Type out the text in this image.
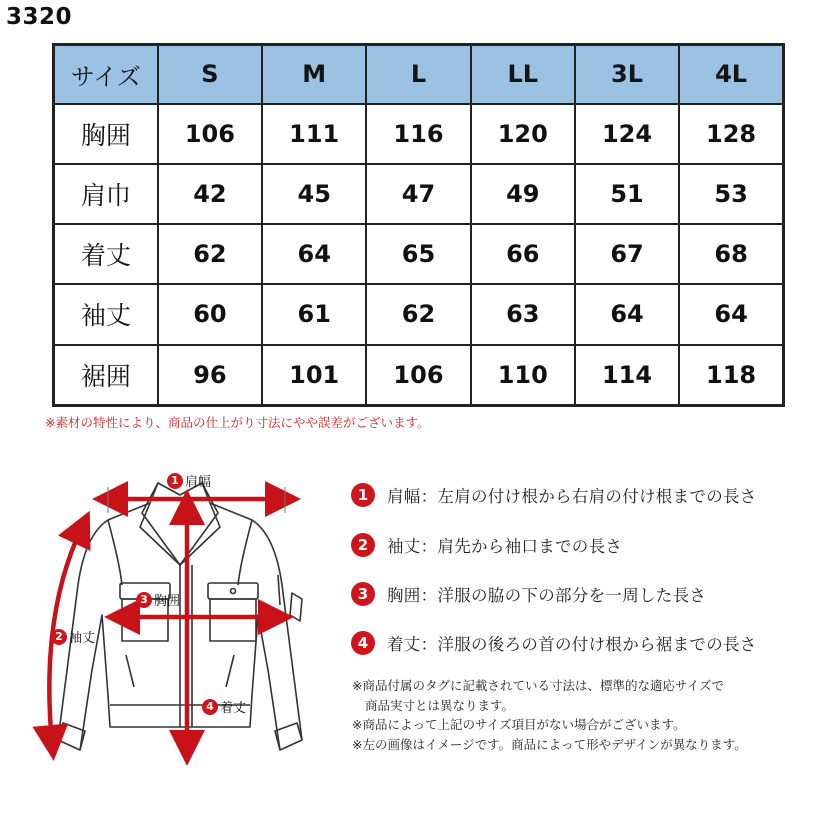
3320
サイズ	S	M	L	LL	3L	4L
胸囲	106	111	116	120	124	128
肩巾	42	45	47	49	51	53
着丈	62	64	65	66	67	68
袖丈	60	61	62	63	64	64
裾囲	96	101	106	110	114	118
※素材の特性により、商品の仕上がり寸法にやや誤差がございます。
1 肩幅
2 袖丈
3 胸囲
4 着丈
1	肩幅：左肩の付け根から右肩の付け根までの長さ
2	袖丈：肩先から袖口までの長さ
3	胸囲：洋服の脇の下の部分を一周した長さ
4	着丈：洋服の後ろの首の付け根から裾までの長さ
※商品付属のタグに記載されている寸法は、標準的な適応サイズで
商品実寸とは異なります。
※商品によって上記のサイズ項目がない場合がございます。
※左の画像はイメージです。商品によって形やデザインが異なります。
